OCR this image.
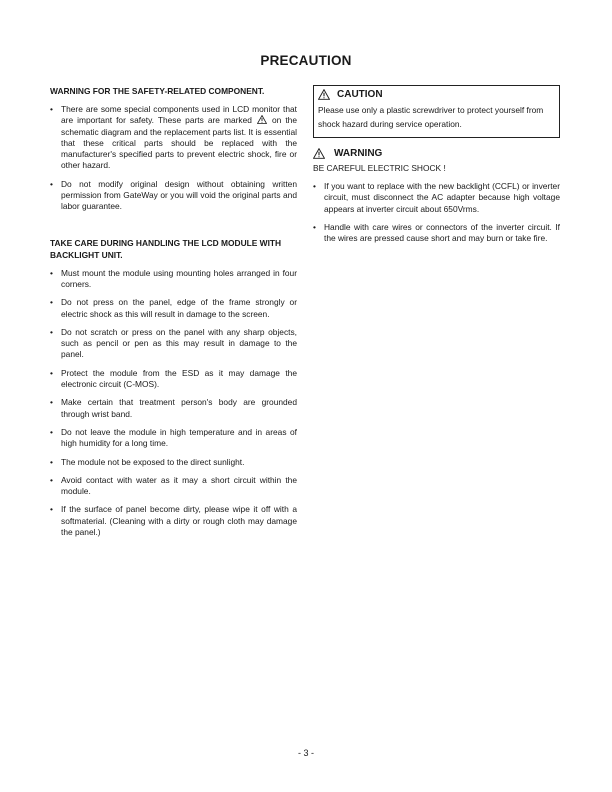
PRECAUTION
WARNING FOR THE SAFETY-RELATED COMPONENT.
• There are some special components used in LCD monitor that are important for safety. These parts are marked on the schematic diagram and the replacement parts list. It is essential that these critical parts should be replaced with the manufacturer's specified parts to prevent electric shock, fire or other hazard.
• Do not modify original design without obtaining written permission from GateWay or you will void the original parts and labor guarantee.
TAKE CARE DURING HANDLING THE LCD MODULE WITH BACKLIGHT UNIT.
• Must mount the module using mounting holes arranged in four corners.
• Do not press on the panel, edge of the frame strongly or electric shock as this will result in damage to the screen.
• Do not scratch or press on the panel with any sharp objects, such as pencil or pen as this may result in damage to the panel.
• Protect the module from the ESD as it may damage the electronic circuit (C-MOS).
• Make certain that treatment person's body are grounded through wrist band.
• Do not leave the module in high temperature and in areas of high humidity for a long time.
• The module not be exposed to the direct sunlight.
• Avoid contact with water as it may a short circuit within the module.
• If the surface of panel become dirty, please wipe it off with a softmaterial. (Cleaning with a dirty or rough cloth may damage the panel.)
CAUTION
Please use only a plastic screwdriver to protect yourself from shock hazard during service operation.
WARNING
BE CAREFUL ELECTRIC SHOCK !
• If you want to replace with the new backlight (CCFL) or inverter circuit, must disconnect the AC adapter because high voltage appears at inverter circuit about 650Vrms.
• Handle with care wires or connectors of the inverter circuit. If the wires are pressed cause short and may burn or take fire.
- 3 -
